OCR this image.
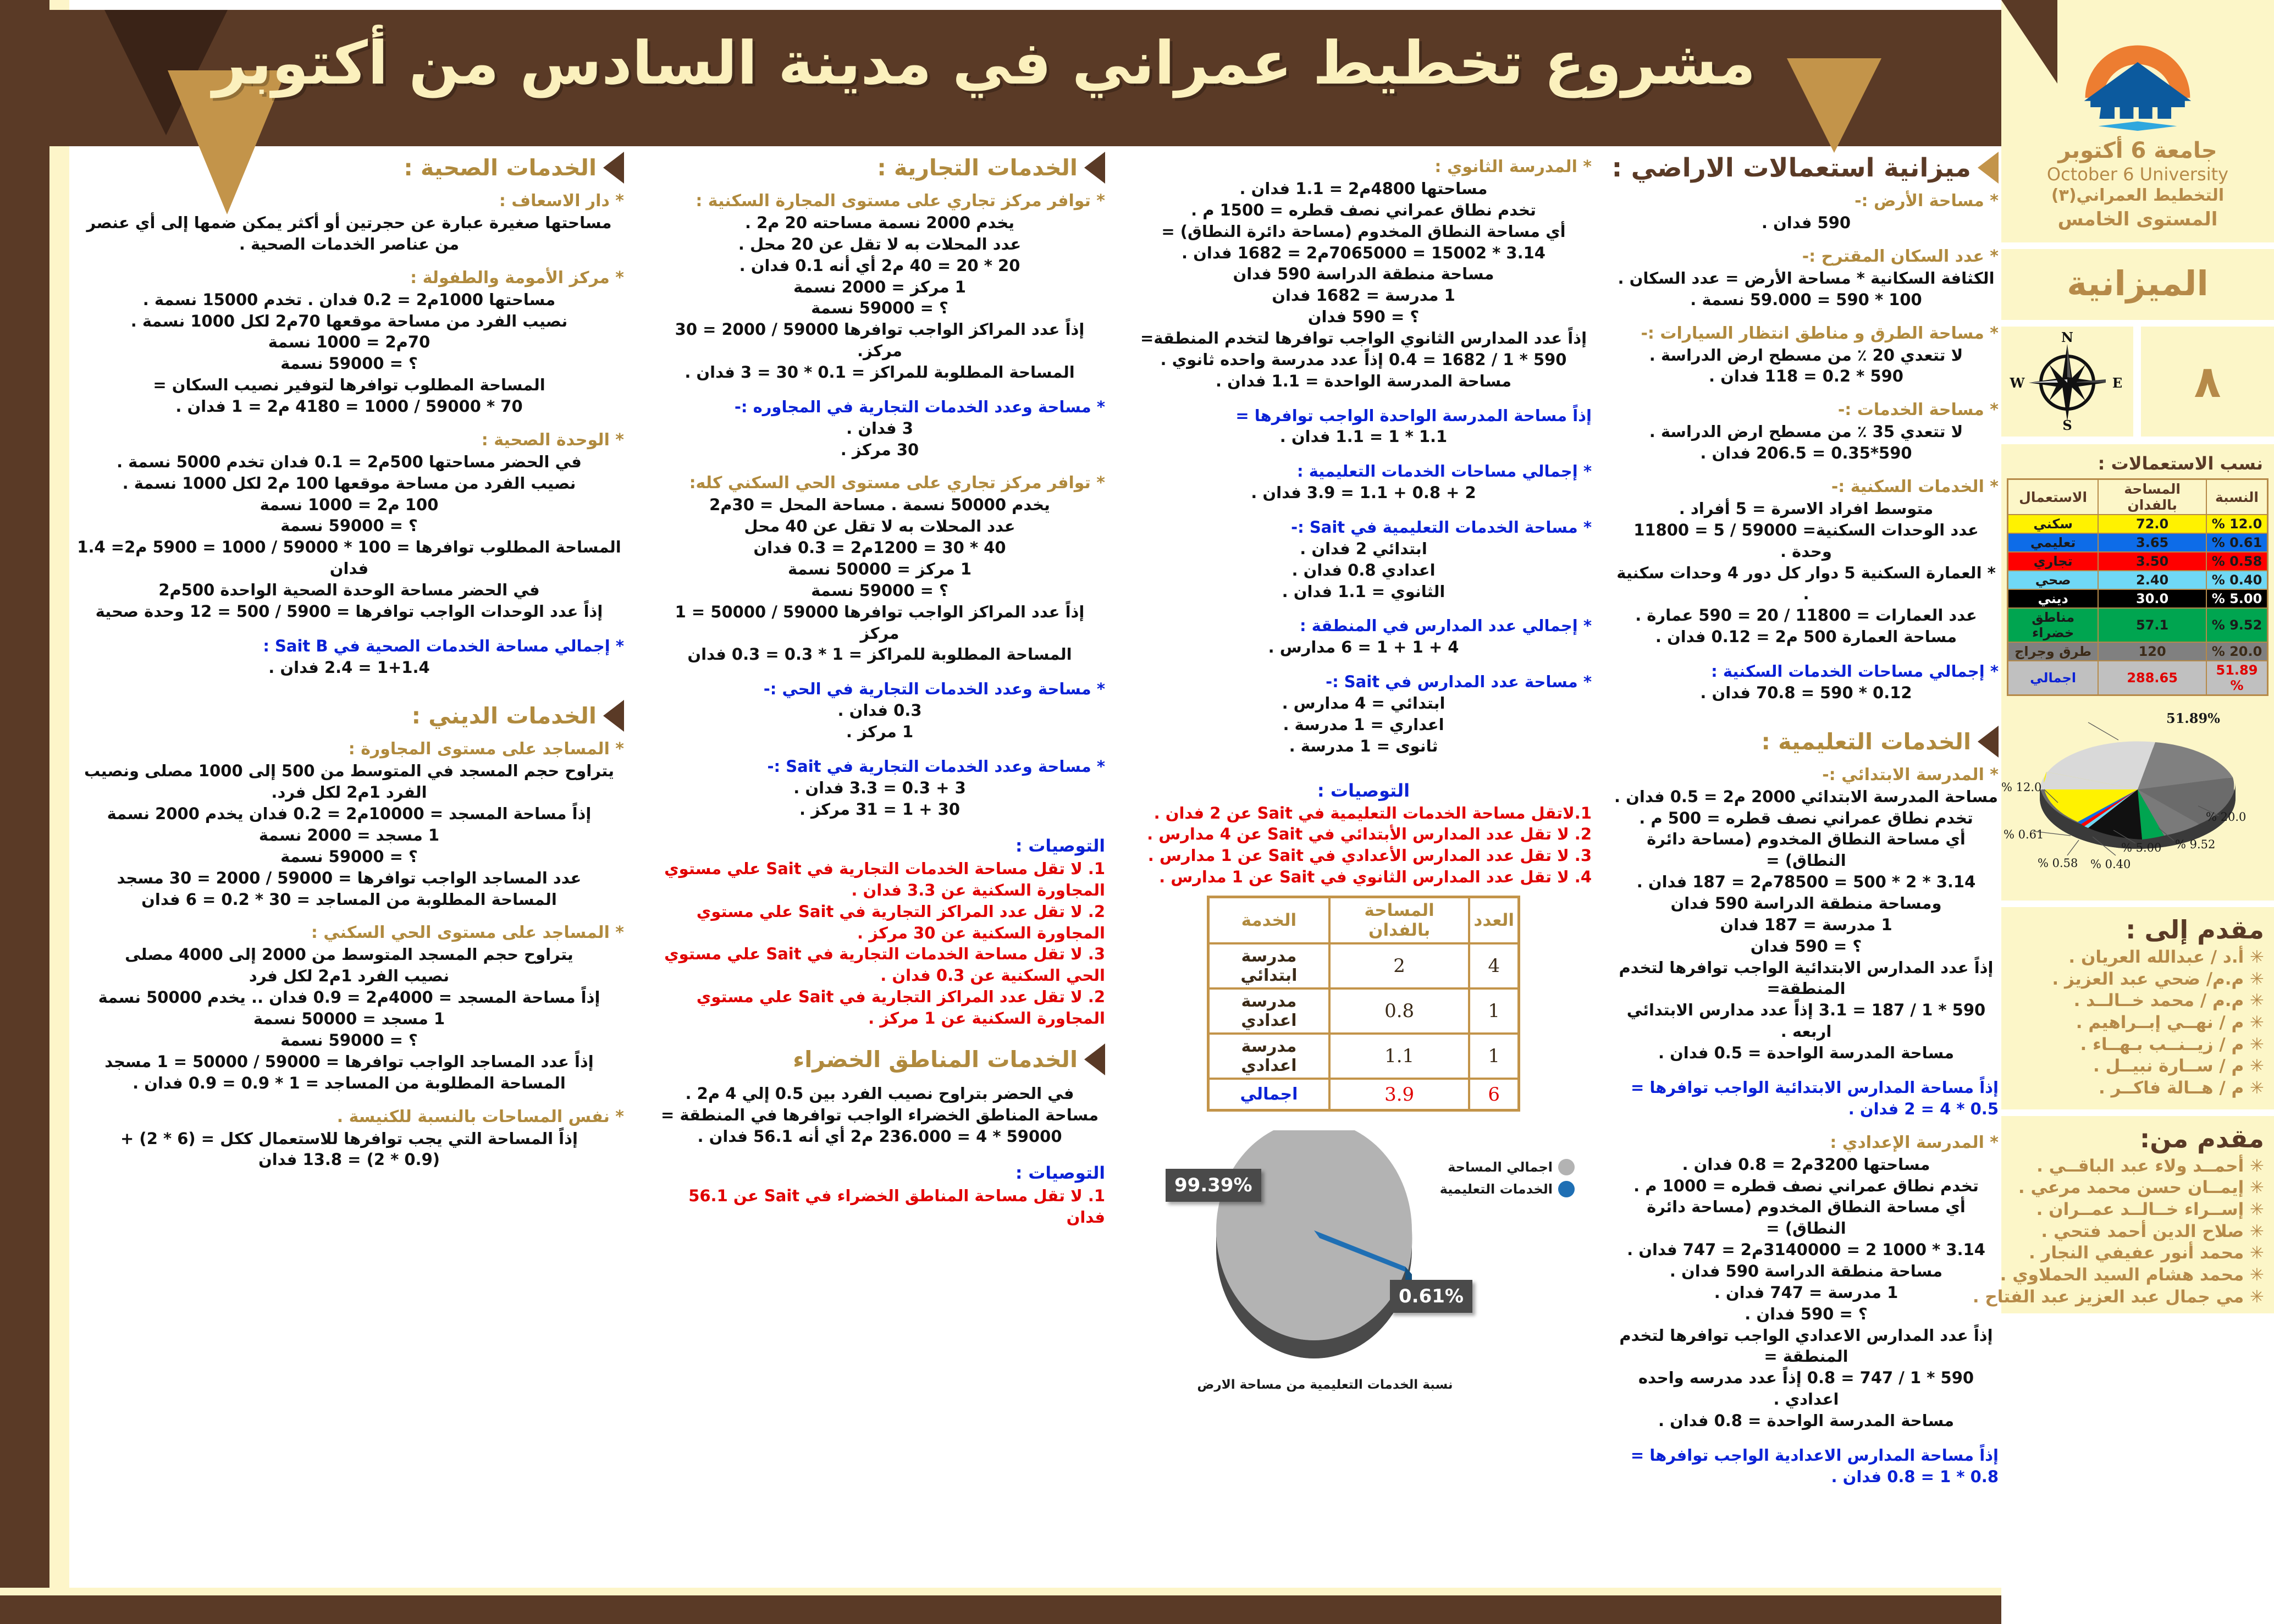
مشروع تخطيط عمراني في مدينة السادس من أكتوبر
جامعة 6 أكتوبر
October 6 University
التخطيط العمراني(٣)
المستوى الخامس
الميزانية
٨
N
S
E
W
نسب الاستعمالات :
النسبة	المساحة بالفدان	الاستعمال
12.0 %	72.0	سكني
0.61 %	3.65	تعليمي
0.58 %	3.50	تجاري
0.40 %	2.40	صحي
5.00 %	30.0	ديني
9.52 %	57.1	مناطق خضراء
20.0 %	120	طرق وجراج
51.89 %	288.65	اجمالي
51.89%
12.0 %
0.61 %
0.58 % 0.40 %
5.00 % 9.52 %
20.0 %
مقدم إلى :
✳ أ.د / عبدالله العريان .
✳ م.م/ ضحي عبد العزيز .
✳ م.م / محمد خــالــد .
✳ م / نهــي إبــراهيم .
✳ م / زيــنــب بـهــاء .
✳ م / ســارة نبيــل .
✳ م / هــالة فاكــر .
مقدم من:
✳ أحمــد ولاء عبد الباقــي .
✳ إيمــان حسن محمد مرعي .
✳ إســراء خــالــد عمــران .
✳ صلاح الدين أحمد فتحي .
✳ محمد أنور عفيفي النجار .
✳ محمد هشام السيد الحملاوي .
✳ مي جمال عبد العزيز عبد الفتاح .
ميزانية استعمالات الاراضي :
* مساحة الأرض :-
590 فدان .
* عدد السكان المقترح :-
الكثافة السكانية * مساحة الأرض = عدد السكان .
100 * 590 = 59.000 نسمة .
* مساحة الطرق و مناطق انتظار السيارات :-
لا تتعدي 20 ٪ من مسطح ارض الدراسة .
590 * 0.2 = 118 فدان .
* مساحة الخدمات :-
لا تتعدي 35 ٪ من مسطح ارض الدراسة .
590*0.35 = 206.5 فدان .
* الخدمات السكنية :-
متوسط افراد الاسرة = 5 أفراد .
عدد الوحدات السكنية= 59000 / 5 = 11800 وحدة .
* العمارة السكنية 5 دوار كل دور 4 وحدات سكنية .
عدد العمارات = 11800 / 20 = 590 عمارة .
مساحة العمارة 500 م2 = 0.12 فدان .
* إجمالي مساحات الخدمات السكنية :
0.12 * 590 = 70.8 فدان .
الخدمات التعليمية :
* المدرسة الابتدائي :-
مساحة المدرسة الابتدائي 2000 م2 = 0.5 فدان .
تخدم نطاق عمراني نصف قطره = 500 م .
أي مساحة النطاق المخدوم (مساحة دائرة النطاق) =
3.14 * 2 * 500 = 78500م2 = 187 فدان .
ومساحة منطقة الدراسة 590 فدان
1 مدرسة = 187 فدان
؟ = 590 فدان
إذاً عدد المدارس الابتدائية الواجب توافرها لتخدم المنطقة=
590 * 1 / 187 = 3.1 إذاً عدد مدارس الابتدائي اربعه .
مساحة المدرسة الواحدة = 0.5 فدان .
إذاً مساحة المدارس الابتدائية الواجب توافرها = 0.5 * 4 = 2 فدان .
* المدرسة الإعدادي :
مساحتها 3200م2 = 0.8 فدان .
تخدم نطاق عمراني نصف قطره = 1000 م .
أي مساحة النطاق المخدوم (مساحة دائرة النطاق) =
3.14 * 1000 2 = 3140000م2 = 747 فدان .
مساحة منطقة الدراسة 590 فدان .
1 مدرسة = 747 فدان .
؟ = 590 فدان .
إذاً عدد المدارس الاعدادي الواجب توافرها لتخدم المنطقة =
590 * 1 / 747 = 0.8 إذاً عدد مدرسه واحده اعدادي .
مساحة المدرسة الواحدة = 0.8 فدان .
إذاً مساحة المدارس الاعدادية الواجب توافرها = 0.8 * 1 = 0.8 فدان .
* المدرسة الثانوي :
مساحتها 4800م2 = 1.1 فدان .
تخدم نطاق عمراني نصف قطره = 1500 م .
أي مساحة النطاق المخدوم (مساحة دائرة النطاق) =
3.14 * 15002 = 7065000م2 = 1682 فدان .
مساحة منطقة الدراسة 590 فدان
1 مدرسة = 1682 فدان
؟ = 590 فدان
إذاً عدد المدارس الثانوي الواجب توافرها لتخدم المنطقة=
590 * 1 / 1682 = 0.4 إذاً عدد مدرسة واحده ثانوي .
مساحة المدرسة الواحدة = 1.1 فدان .
إذاً مساحة المدرسة الواحدة الواجب توافرها =
1.1 * 1 = 1.1 فدان .
* إجمالي مساحات الخدمات التعليمية :
2 + 0.8 + 1.1 = 3.9 فدان .
* مساحة الخدمات التعليمية في Sait :-
ابتدائي 2 فدان .
اعدادي 0.8 فدان .
الثانوي = 1.1 فدان .
* إجمالي عدد المدارس في المنطقة :
4 + 1 + 1 = 6 مدارس .
* مساحة عدد المدارس في Sait :-
ابتدائي = 4 مدارس .
اعداري = 1 مدرسة .
ثانوى = 1 مدرسة .
التوصيات :
1.لاتقل مساحة الخدمات التعليمية في Sait عن 2 فدان .
2. لا تقل عدد المدارس الأبتدائي في Sait عن 4 مدارس .
3. لا تقل عدد المدارس الأعدادي في Sait عن 1 مدارس .
4. لا تقل عدد المدارس الثانوي في Sait عن 1 مدارس .
العدد	المساحة بالفدان	الخدمة
4	2	مدرسة ابتدائي
1	0.8	مدرسة اعدادي
1	1.1	مدرسة اعدادي
6	3.9	اجمالي
99.39%
0.61%
اجمالي المساحة
الخدمات التعليمية
نسبة الخدمات التعليمية من مساحة الارض
الخدمات التجارية :
* توافر مركز تجاري على مستوى المجارة السكنية :
يخدم 2000 نسمة مساحته 20 م2 .
عدد المحلات به لا تقل عن 20 محل .
20 * 20 = 40 م2 أي أنه 0.1 فدان .
1 مركز = 2000 نسمة
؟ = 59000 نسمة
إذاً عدد المراكز الواجب توافرها 59000 / 2000 = 30 مركز.
المساحة المطلوبة للمراكز = 0.1 * 30 = 3 فدان .
* مساحة وعدد الخدمات التجارية في المجاوره :-
3 فدان .
30 مركز .
* توافر مركز تجاري على مستوى الحي السكني كله:
يخدم 50000 نسمة . مساحة المحل = 30م2
عدد المحلات به لا تقل عن 40 محل
40 * 30 = 1200م2 = 0.3 فدان
1 مركز = 50000 نسمة
؟ = 59000 نسمة
إذاً عدد المراكز الواجب توافرها 59000 / 50000 = 1 مركز
المساحة المطلوبة للمراكز = 1 * 0.3 = 0.3 فدان
* مساحة وعدد الخدمات التجارية في الحي :-
0.3 فدان .
1 مركز .
* مساحة وعدد الخدمات التجارية في Sait :-
3 + 0.3 = 3.3 فدان .
30 + 1 = 31 مركز .
التوصيات :
1. لا تقل مساحة الخدمات التجارية في Sait علي مستوي المجاورة السكنية عن 3.3 فدان .
2. لا تقل عدد المراكز التجارية في Sait علي مستوي المجاورة السكنية عن 30 مركز .
3. لا تقل مساحة الخدمات التجارية في Sait علي مستوي الحي السكنية عن 0.3 فدان .
2. لا تقل عدد المراكز التجارية في Sait علي مستوي المجاورة السكنية عن 1 مركز .
الخدمات المناطق الخضراء
في الحضر بتراوح نصيب الفرد بين 0.5 إلي 4 م2 .
مساحة المناطق الخضراء الواجب توافرها في المنطقة =
59000 * 4 = 236.000 م2 أي أنه 56.1 فدان .
التوصيات :
1. لا تقل مساحة المناطق الخضراء في Sait عن 56.1 فدان
الخدمات الصحية :
* دار الاسعاف :
مساحتها صغيرة عبارة عن حجرتين أو أكثر يمكن ضمها إلى أي عنصر
من عناصر الخدمات الصحية .
* مركز الأمومة والطفولة :
مساحتها 1000م2 = 0.2 فدان . تخدم 15000 نسمة .
نصيب الفرد من مساحة موقعها 70م2 لكل 1000 نسمة .
70م2 = 1000 نسمة
؟ = 59000 نسمة
المساحة المطلوب توافرها لتوفير نصيب السكان =
70 * 59000 / 1000 = 4180 م2 = 1 فدان .
* الوحدة الصحية :
في الحضر مساحتها 500م2 = 0.1 فدان تخدم 5000 نسمة .
نصيب الفرد من مساحة موقعها 100 م2 لكل 1000 نسمة .
100 م2 = 1000 نسمة
؟ = 59000 نسمة
المساحة المطلوب توافرها = 100 * 59000 / 1000 = 5900 م2= 1.4 فدان
في الحضر مساحة الوحدة الصحية الواحدة 500م2
إذاً عدد الوحدات الواجب توافرها = 5900 / 500 = 12 وحدة صحية
* إجمالي مساحة الخدمات الصحية في Sait B :
1+1.4 = 2.4 فدان .
الخدمات الديني :
* المساجد على مستوى المجاورة :
يتراوح حجم المسجد في المتوسط من 500 إلى 1000 مصلى ونصيب
الفرد 1م2 لكل فرد.
إذاً مساحة المسجد = 10000م2 = 0.2 فدان يخدم 2000 نسمة
1 مسجد = 2000 نسمة
؟ = 59000 نسمة
عدد المساجد الواجب توافرها = 59000 / 2000 = 30 مسجد
المساحة المطلوبة من المساجد = 30 * 0.2 = 6 فدان
* المساجد على مستوى الحي السكني :
يتراوح حجم المسجد المتوسط من 2000 إلى 4000 مصلى
نصيب الفرد 1م2 لكل فرد
إذاً مساحة المسجد = 4000م2 = 0.9 فدان .. يخدم 50000 نسمة
1 مسجد = 50000 نسمة
؟ = 59000 نسمة
إذاً عدد المساجد الواجب توافرها = 59000 / 50000 = 1 مسجد
المساحة المطلوبة من المساجد = 1 * 0.9 = 0.9 فدان .
* نفس المساحات بالنسبة للكنيسة .
إذاً المساحة التي يجب توافرها للاستعمال ككل = (6 * 2) +
(0.9 * 2) = 13.8 فدان
